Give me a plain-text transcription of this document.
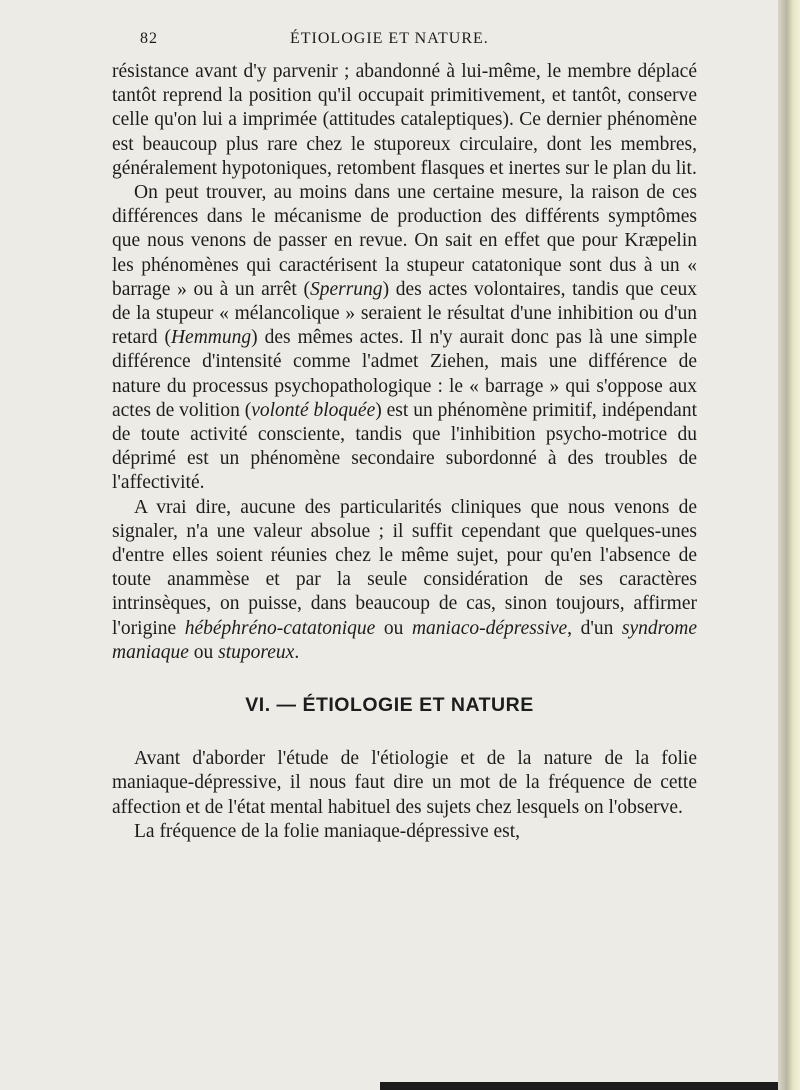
82	ÉTIOLOGIE ET NATURE.

résistance avant d'y parvenir ; abandonné à lui-même, le membre déplacé tantôt reprend la position qu'il occupait primitivement, et tantôt, conserve celle qu'on lui a imprimée (attitudes cataleptiques). Ce dernier phénomène est beaucoup plus rare chez le stuporeux circulaire, dont les membres, généralement hypotoniques, retombent flasques et inertes sur le plan du lit.

On peut trouver, au moins dans une certaine mesure, la raison de ces différences dans le mécanisme de production des différents symptômes que nous venons de passer en revue. On sait en effet que pour Kræpelin les phénomènes qui caractérisent la stupeur catatonique sont dus à un « barrage » ou à un arrêt (Sperrung) des actes volontaires, tandis que ceux de la stupeur « mélancolique » seraient le résultat d'une inhibition ou d'un retard (Hemmung) des mêmes actes. Il n'y aurait donc pas là une simple différence d'intensité comme l'admet Ziehen, mais une différence de nature du processus psychopathologique : le « barrage » qui s'oppose aux actes de volition (volonté bloquée) est un phénomène primitif, indépendant de toute activité consciente, tandis que l'inhibition psycho-motrice du déprimé est un phénomène secondaire subordonné à des troubles de l'affectivité.

A vrai dire, aucune des particularités cliniques que nous venons de signaler, n'a une valeur absolue ; il suffit cependant que quelques-unes d'entre elles soient réunies chez le même sujet, pour qu'en l'absence de toute anammèse et par la seule considération de ses caractères intrinsèques, on puisse, dans beaucoup de cas, sinon toujours, affirmer l'origine hébéphréno-catatonique ou maniaco-dépressive, d'un syndrome maniaque ou stuporeux.

VI. — ÉTIOLOGIE ET NATURE

Avant d'aborder l'étude de l'étiologie et de la nature de la folie maniaque-dépressive, il nous faut dire un mot de la fréquence de cette affection et de l'état mental habituel des sujets chez lesquels on l'observe.

La fréquence de la folie maniaque-dépressive est,
